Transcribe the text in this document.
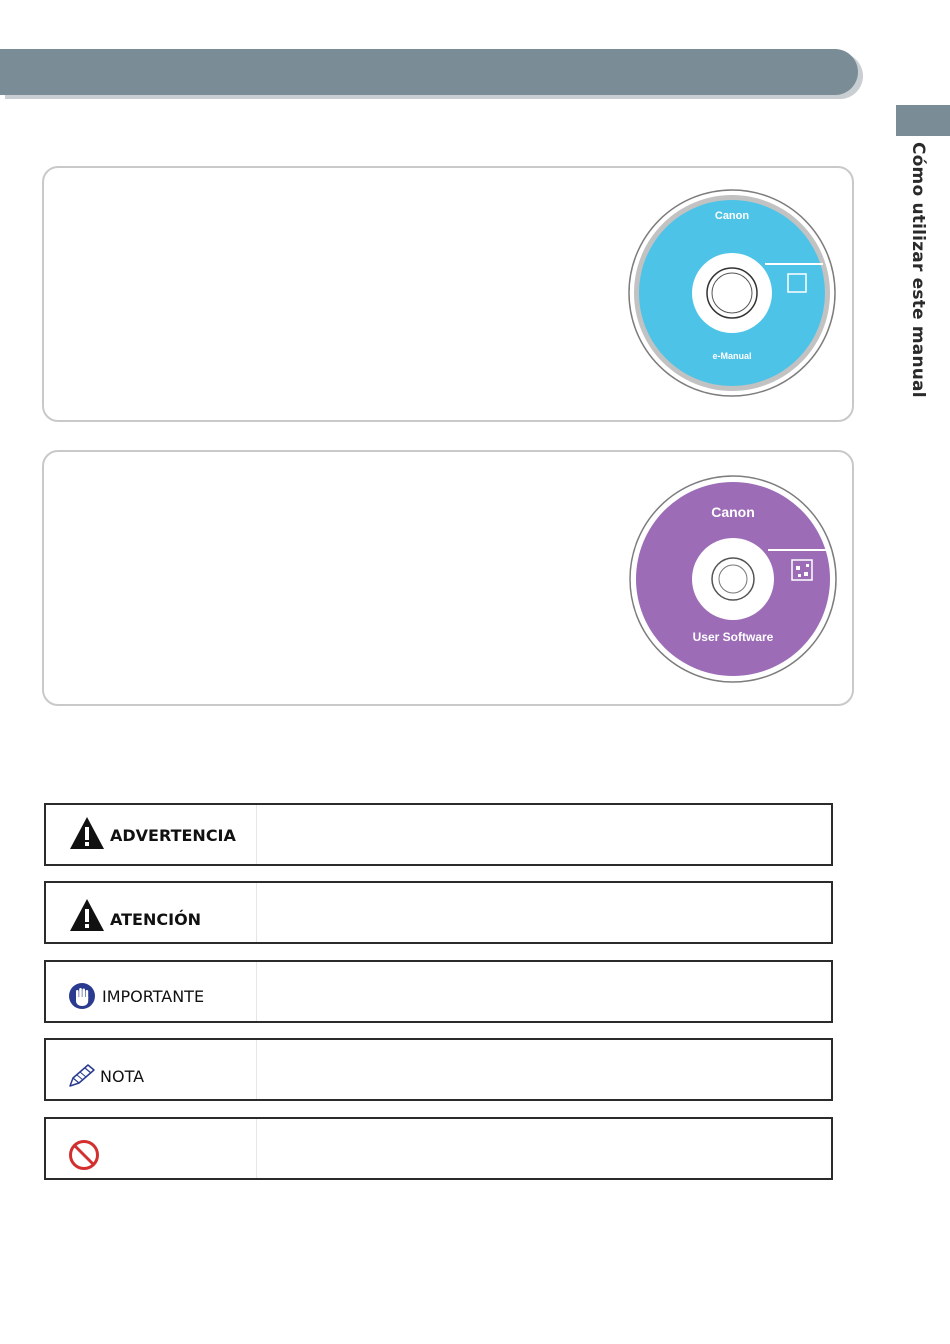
Cómo utilizar este manual
Canon
e-Manual
Canon
User Software
ADVERTENCIA
ATENCIÓN
IMPORTANTE
NOTA
